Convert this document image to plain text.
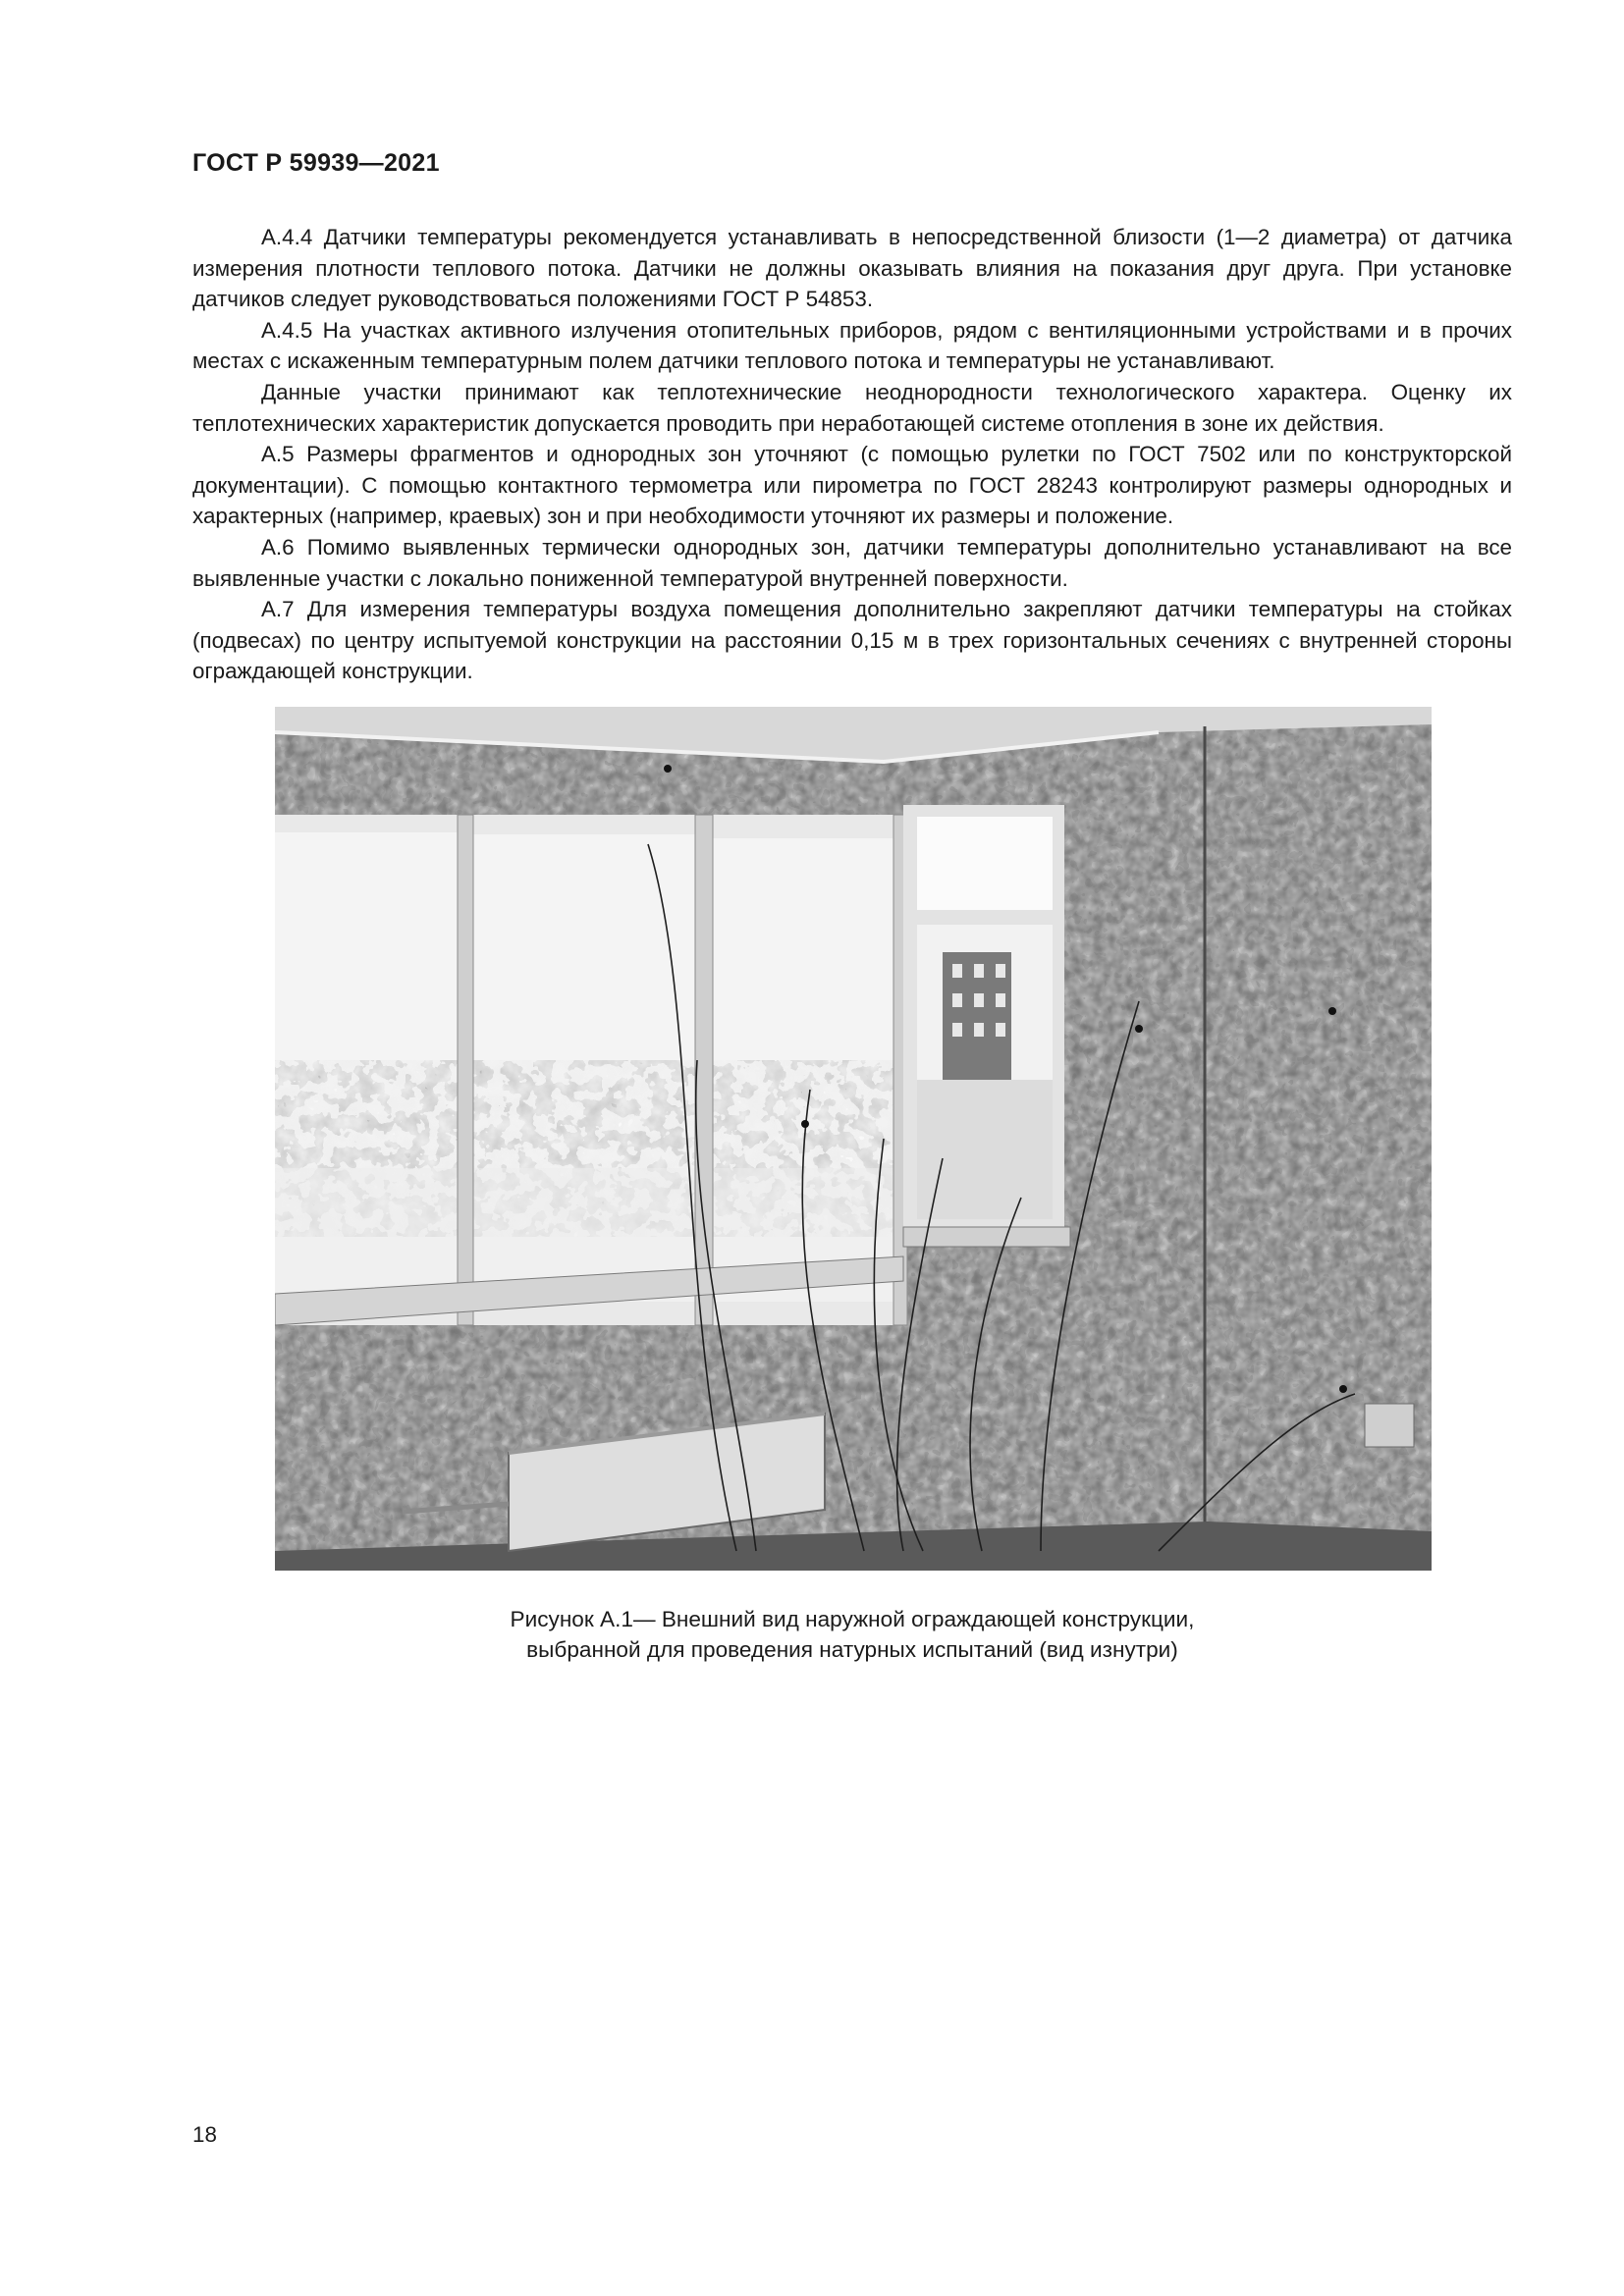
ГОСТ Р 59939—2021

А.4.4 Датчики температуры рекомендуется устанавливать в непосредственной близости (1—2 диаметра) от датчика измерения плотности теплового потока. Датчики не должны оказывать влияния на показания друг друга. При установке датчиков следует руководствоваться положениями ГОСТ Р 54853.

А.4.5 На участках активного излучения отопительных приборов, рядом с вентиляционными устройствами и в прочих местах с искаженным температурным полем датчики теплового потока и температуры не устанавливают.

Данные участки принимают как теплотехнические неоднородности технологического характера. Оценку их теплотехнических характеристик допускается проводить при неработающей системе отопления в зоне их действия.

А.5 Размеры фрагментов и однородных зон уточняют (с помощью рулетки по ГОСТ 7502 или по конструкторской документации). С помощью контактного термометра или пирометра по ГОСТ 28243 контролируют размеры однородных и характерных (например, краевых) зон и при необходимости уточняют их размеры и положение.

А.6 Помимо выявленных термически однородных зон, датчики температуры дополнительно устанавливают на все выявленные участки с локально пониженной температурой внутренней поверхности.

А.7 Для измерения температуры воздуха помещения дополнительно закрепляют датчики температуры на стойках (подвесах) по центру испытуемой конструкции на расстоянии 0,15 м в трех горизонтальных сечениях с внутренней стороны ограждающей конструкции.

Рисунок А.1— Внешний вид наружной ограждающей конструкции,
выбранной для проведения натурных испытаний (вид изнутри)
18
